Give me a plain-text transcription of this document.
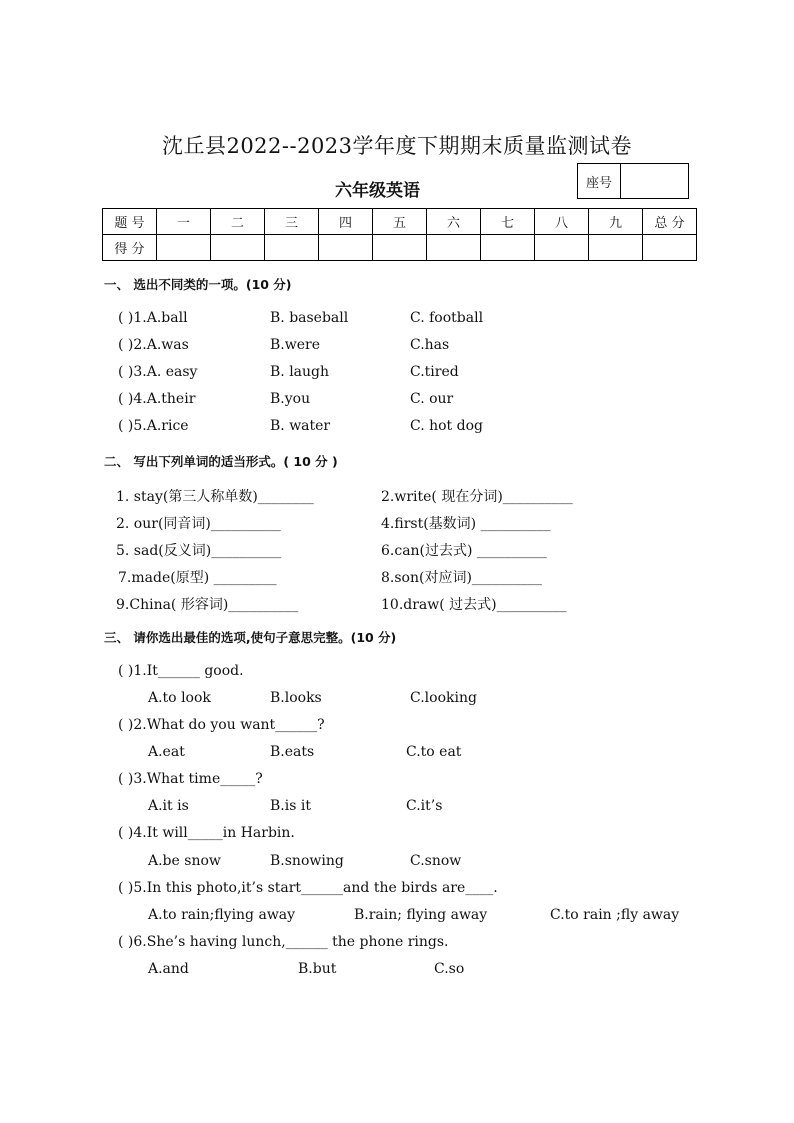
沈丘县2022--2023学年度下期期末质量监测试卷
六年级英语	座号
题 号	一	二	三	四	五	六	七	八	九	总 分
得 分										
一、 选出不同类的一项。(10 分)
( )1.A.ball	B. baseball	C. football
( )2.A.was	B.were	C.has
( )3.A. easy	B. laugh	C.tired
( )4.A.their	B.you	C. our
( )5.A.rice	B. water	C. hot dog
二、 写出下列单词的适当形式。( 10 分 )
1. stay(第三人称单数)________	2.write( 现在分词)__________
2. our(同音词)__________	4.first(基数词) __________
5. sad(反义词)__________	6.can(过去式) __________
7.made(原型) _________	8.son(对应词)__________
9.China( 形容词)__________	10.draw( 过去式)__________
三、 请你选出最佳的选项,使句子意思完整。(10 分)
( )1.It______ good.
A.to look	B.looks	C.looking
( )2.What do you want______?
A.eat	B.eats	C.to eat
( )3.What time_____?
A.it is	B.is it	C.it’s
( )4.It will_____in Harbin.
A.be snow	B.snowing	C.snow
( )5.In this photo,it’s start______and the birds are____.
A.to rain;flying away	B.rain; flying away	C.to rain ;fly away
( )6.She’s having lunch,______ the phone rings.
A.and	B.but	C.so
